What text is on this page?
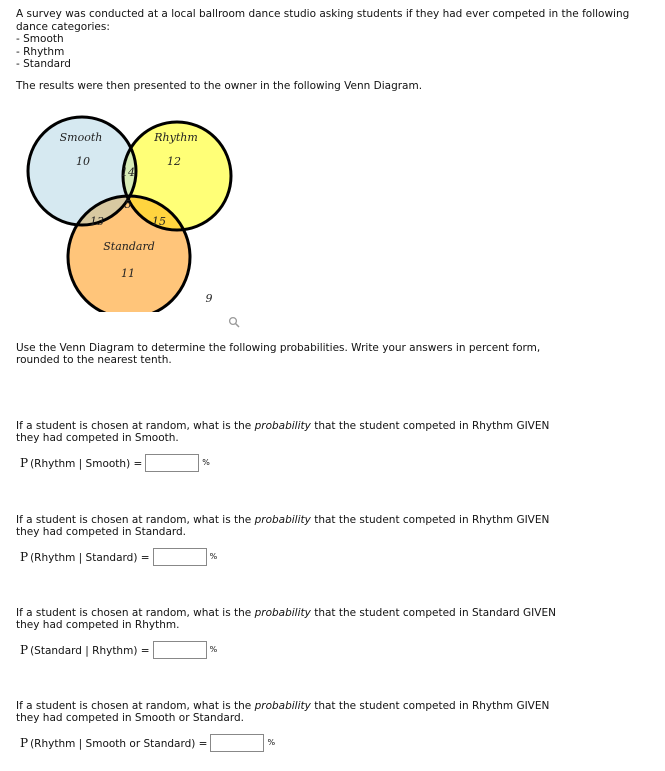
A survey was conducted at a local ballroom dance studio asking students if they had ever competed in the following dance categories:

- Smooth

- Rhythm

- Standard

The results were then presented to the owner in the following Venn Diagram.
Smooth	Rhythm
Standard
10	12
14
5
13	15
11
9
Use the Venn Diagram to determine the following probabilities. Write your answers in percent form, rounded to the nearest tenth.

If a student is chosen at random, what is the probability that the student competed in Rhythm GIVEN they had competed in Smooth.

P (Rhythm | Smooth) =	%

If a student is chosen at random, what is the probability that the student competed in Rhythm GIVEN they had competed in Standard.

P (Rhythm | Standard) =	%

If a student is chosen at random, what is the probability that the student competed in Standard GIVEN they had competed in Rhythm.

P (Standard | Rhythm) =	%

If a student is chosen at random, what is the probability that the student competed in Rhythm GIVEN they had competed in Smooth or Standard.

P (Rhythm | Smooth or Standard) =	%
